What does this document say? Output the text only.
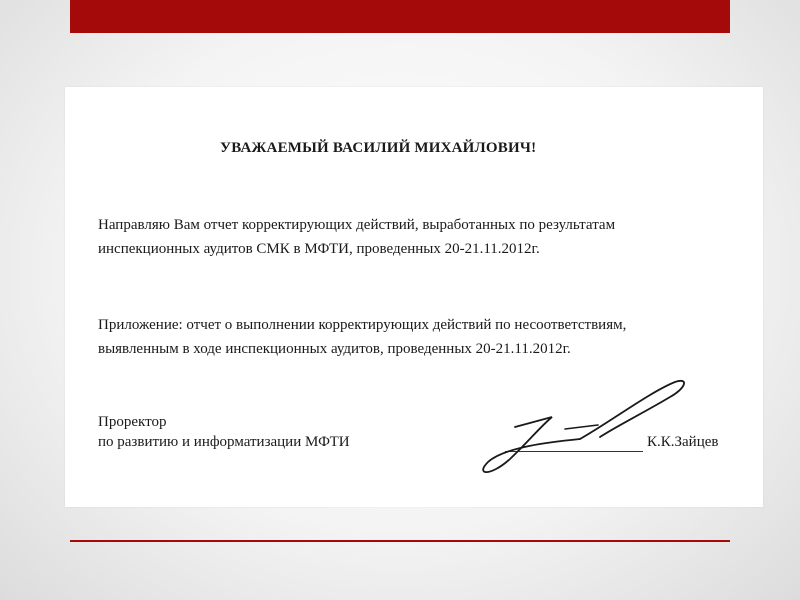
УВАЖАЕМЫЙ ВАСИЛИЙ МИХАЙЛОВИЧ!
Направляю Вам отчет корректирующих действий, выработанных по результатам
инспекционных аудитов СМК в МФТИ, проведенных 20-21.11.2012г.
Приложение: отчет о выполнении корректирующих действий по несоответствиям,
выявленным в ходе инспекционных аудитов, проведенных 20-21.11.2012г.
Проректор
по развитию и информатизации МФТИ	К.К.Зайцев
